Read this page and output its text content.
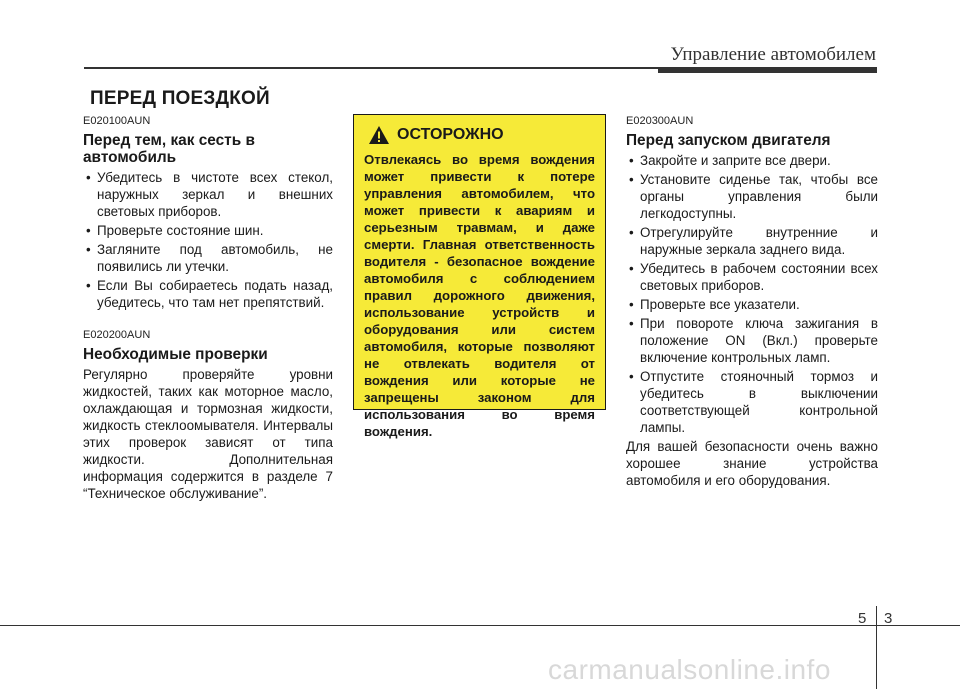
Управление автомобилем
ПЕРЕД ПОЕЗДКОЙ
E020100AUN
Перед тем, как сесть в автомобиль
• Убедитесь в чистоте всех стекол, наружных зеркал и внешних световых приборов.
• Проверьте состояние шин.
• Загляните под автомобиль, не появились ли утечки.
• Если Вы собираетесь подать назад, убедитесь, что там нет препятствий.
E020200AUN
Необходимые проверки

Регулярно проверяйте уровни жидкостей, таких как моторное масло, охлаждающая и тормозная жидкости, жидкость стеклоомывателя. Интервалы этих проверок зависят от типа жидкости. Дополнительная информация содержится в разделе 7 “Техническое обслуживание”.

ОСТОРОЖНО

Отвлекаясь во время вождения может привести к потере управления автомобилем, что может привести к авариям и серьезным травмам, и даже смерти. Главная ответственность водителя - безопасное вождение автомобиля с соблюдением правил дорожного движения, использование устройств и оборудования или систем автомобиля, которые позволяют не отвлекать водителя от вождения или которые не запрещены законом для использования во время вождения.

E020300AUN
Перед запуском двигателя
• Закройте и заприте все двери.
• Установите сиденье так, чтобы все органы управления были легкодоступны.
• Отрегулируйте внутренние и наружные зеркала заднего вида.
• Убедитесь в рабочем состоянии всех световых приборов.
• Проверьте все указатели.
• При повороте ключа зажигания в положение ON (Вкл.) проверьте включение контрольных ламп.
• Отпустите стояночный тормоз и убедитесь в выключении соответствующей контрольной лампы.

Для вашей безопасности очень важно хорошее знание устройства автомобиля и его оборудования.

5 3
carmanualsonline.info
